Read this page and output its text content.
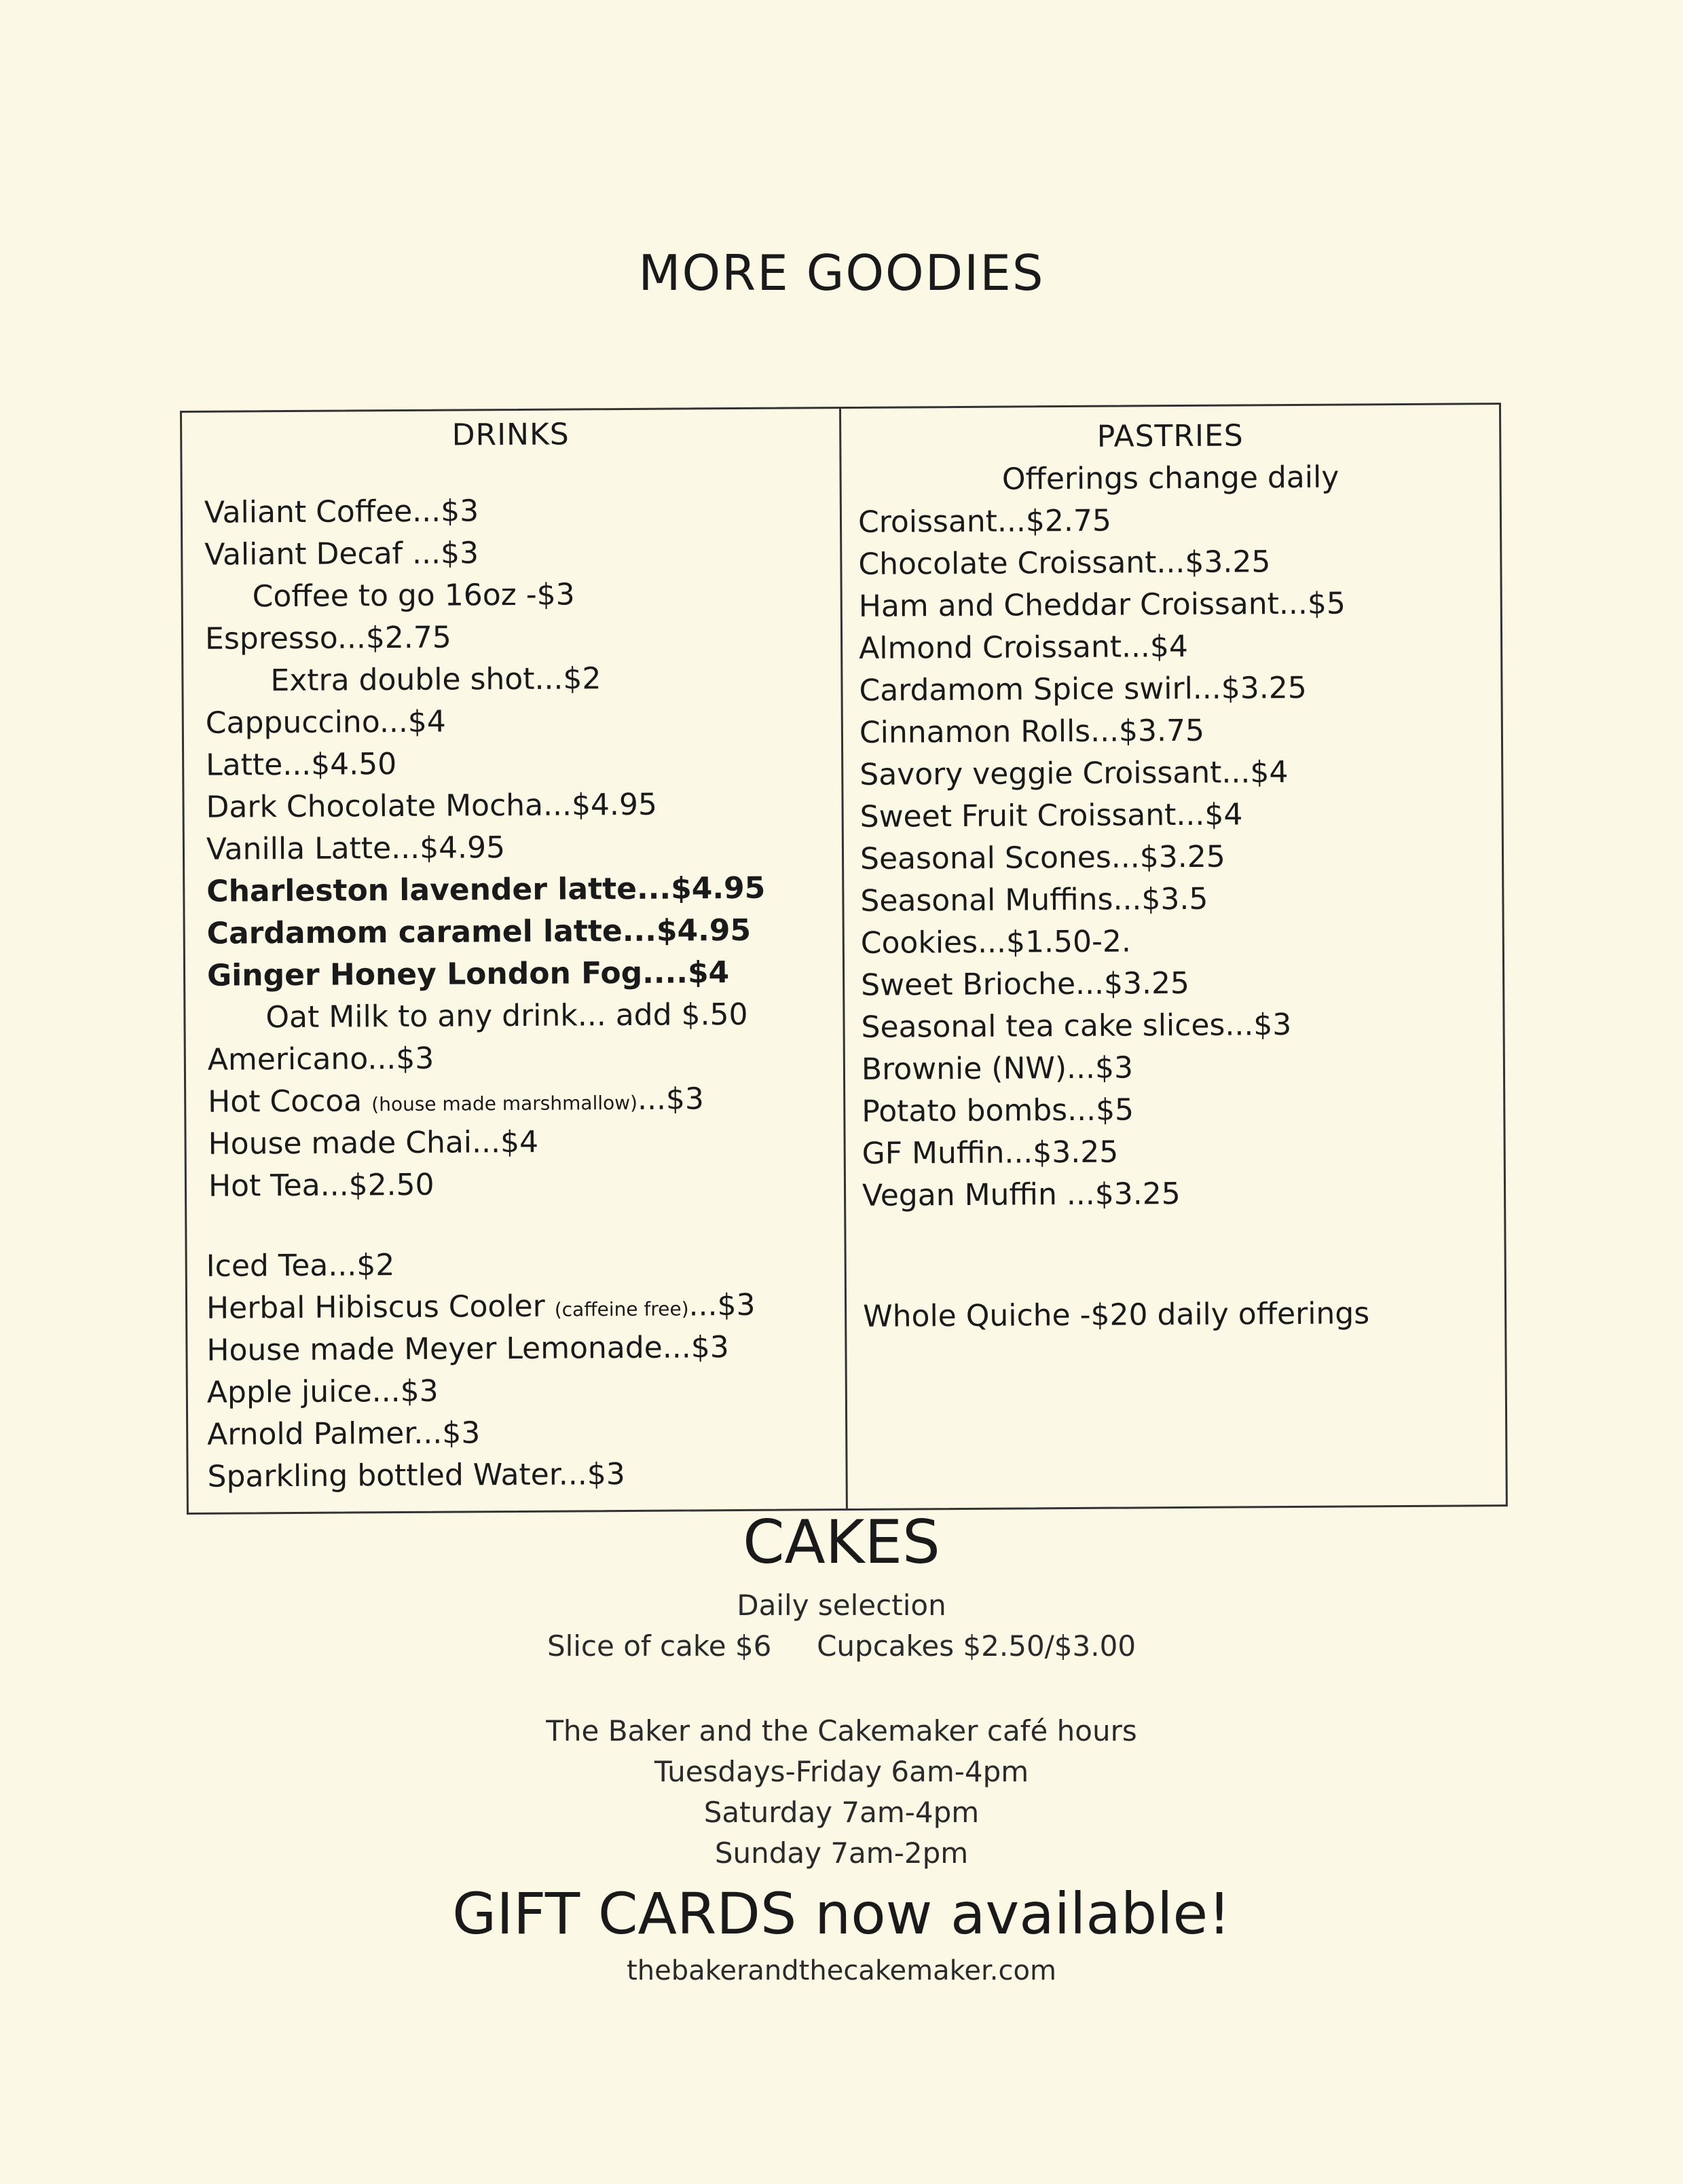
MORE GOODIES
DRINKS
Valiant Coffee...$3
Valiant Decaf ...$3
Coffee to go 16oz -$3
Espresso...$2.75
Extra double shot...$2
Cappuccino...$4
Latte...$4.50
Dark Chocolate Mocha...$4.95
Vanilla Latte...$4.95
Charleston lavender latte...$4.95
Cardamom caramel latte...$4.95
Ginger Honey London Fog....$4
Oat Milk to any drink... add $.50
Americano...$3
Hot Cocoa (house made marshmallow)...$3
House made Chai...$4
Hot Tea...$2.50
Iced Tea...$2
Herbal Hibiscus Cooler (caffeine free)...$3
House made Meyer Lemonade...$3
Apple juice...$3
Arnold Palmer...$3
Sparkling bottled Water...$3
PASTRIES
Offerings change daily
Croissant...$2.75
Chocolate Croissant...$3.25
Ham and Cheddar Croissant...$5
Almond Croissant...$4
Cardamom Spice swirl...$3.25
Cinnamon Rolls...$3.75
Savory veggie Croissant...$4
Sweet Fruit Croissant...$4
Seasonal Scones...$3.25
Seasonal Muffins...$3.5
Cookies...$1.50-2.
Sweet Brioche...$3.25
Seasonal tea cake slices...$3
Brownie (NW)...$3
Potato bombs...$5
GF Muffin...$3.25
Vegan Muffin ...$3.25
Whole Quiche -$20 daily offerings
CAKES
Daily selection
Slice of cake $6     Cupcakes $2.50/$3.00
The Baker and the Cakemaker café hours
Tuesdays-Friday 6am-4pm
Saturday 7am-4pm
Sunday 7am-2pm
GIFT CARDS now available!
thebakerandthecakemaker.com
